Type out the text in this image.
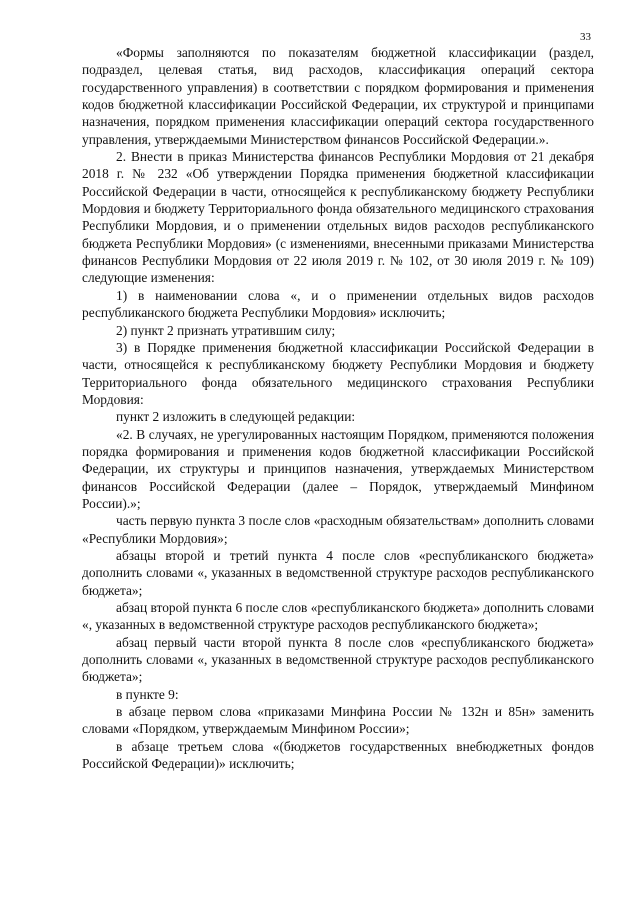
33

«Формы заполняются по показателям бюджетной классификации (раздел, подраздел, целевая статья, вид расходов, классификация операций сектора государственного управления) в соответствии с порядком формирования и применения кодов бюджетной классификации Российской Федерации, их структурой и принципами назначения, порядком применения классификации операций сектора государственного управления, утверждаемыми Министерством финансов Российской Федерации.».

2. Внести в приказ Министерства финансов Республики Мордовия от 21 декабря 2018 г. № 232 «Об утверждении Порядка применения бюджетной классификации Российской Федерации в части, относящейся к республиканскому бюджету Республики Мордовия и бюджету Территориального фонда обязательного медицинского страхования Республики Мордовия, и о применении отдельных видов расходов республиканского бюджета Республики Мордовия» (с изменениями, внесенными приказами Министерства финансов Республики Мордовия от 22 июля 2019 г. № 102, от 30 июля 2019 г. № 109) следующие изменения:

1) в наименовании слова «, и о применении отдельных видов расходов республиканского бюджета Республики Мордовия» исключить;

2) пункт 2 признать утратившим силу;

3) в Порядке применения бюджетной классификации Российской Федерации в части, относящейся к республиканскому бюджету Республики Мордовия и бюджету Территориального фонда обязательного медицинского страхования Республики Мордовия:

пункт 2 изложить в следующей редакции:

«2. В случаях, не урегулированных настоящим Порядком, применяются положения порядка формирования и применения кодов бюджетной классификации Российской Федерации, их структуры и принципов назначения, утверждаемых Министерством финансов Российской Федерации (далее – Порядок, утверждаемый Минфином России).»;

часть первую пункта 3 после слов «расходным обязательствам» дополнить словами «Республики Мордовия»;

абзацы второй и третий пункта 4 после слов «республиканского бюджета» дополнить словами «, указанных в ведомственной структуре расходов республиканского бюджета»;

абзац второй пункта 6 после слов «республиканского бюджета» дополнить словами «, указанных в ведомственной структуре расходов республиканского бюджета»;

абзац первый части второй пункта 8 после слов «республиканского бюджета» дополнить словами «, указанных в ведомственной структуре расходов республиканского бюджета»;

в пункте 9:

в абзаце первом слова «приказами Минфина России № 132н и 85н» заменить словами «Порядком, утверждаемым Минфином России»;

в абзаце третьем слова «(бюджетов государственных внебюджетных фондов Российской Федерации)» исключить;
